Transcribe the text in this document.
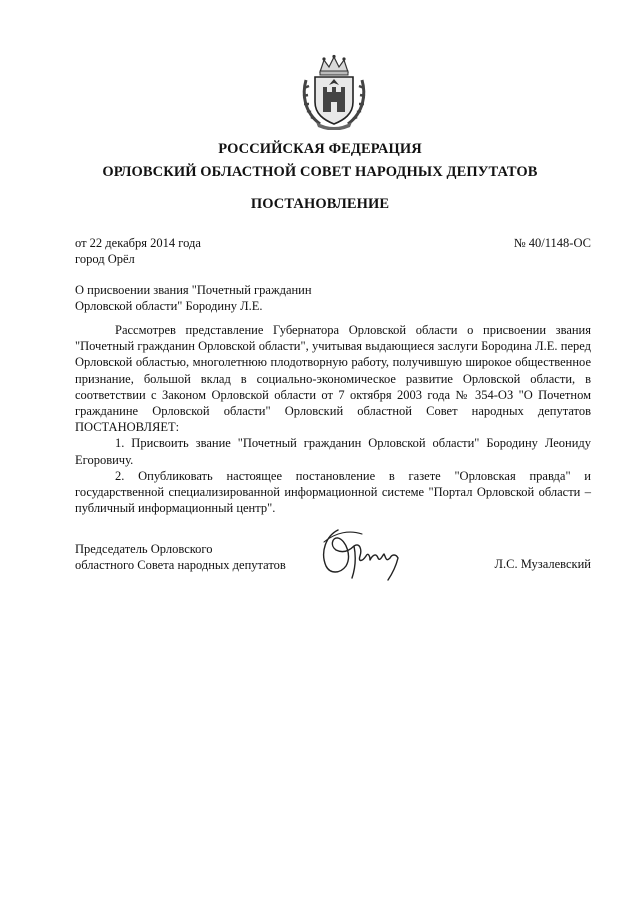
РОССИЙСКАЯ ФЕДЕРАЦИЯ
ОРЛОВСКИЙ ОБЛАСТНОЙ СОВЕТ НАРОДНЫХ ДЕПУТАТОВ
ПОСТАНОВЛЕНИЕ
от 22 декабря 2014 года
город Орёл
№ 40/1148-ОС
О присвоении звания "Почетный гражданин
Орловской области" Бородину Л.Е.

Рассмотрев представление Губернатора Орловской области о присвоении звания "Почетный гражданин Орловской области", учитывая выдающиеся заслуги Бородина Л.Е. перед Орловской областью, многолетнюю плодотворную работу, получившую широкое общественное признание, большой вклад в социально-экономическое развитие Орловской области, в соответствии с Законом Орловской области от 7 октября 2003 года № 354-ОЗ "О Почетном гражданине Орловской области" Орловский областной Совет народных депутатов ПОСТАНОВЛЯЕТ:

1. Присвоить звание "Почетный гражданин Орловской области" Бородину Леониду Егоровичу.

2. Опубликовать настоящее постановление в газете "Орловская правда" и государственной специализированной информационной системе "Портал Орловской области – публичный информационный центр".

Председатель Орловского
областного Совета народных депутатов	Л.С. Музалевский
